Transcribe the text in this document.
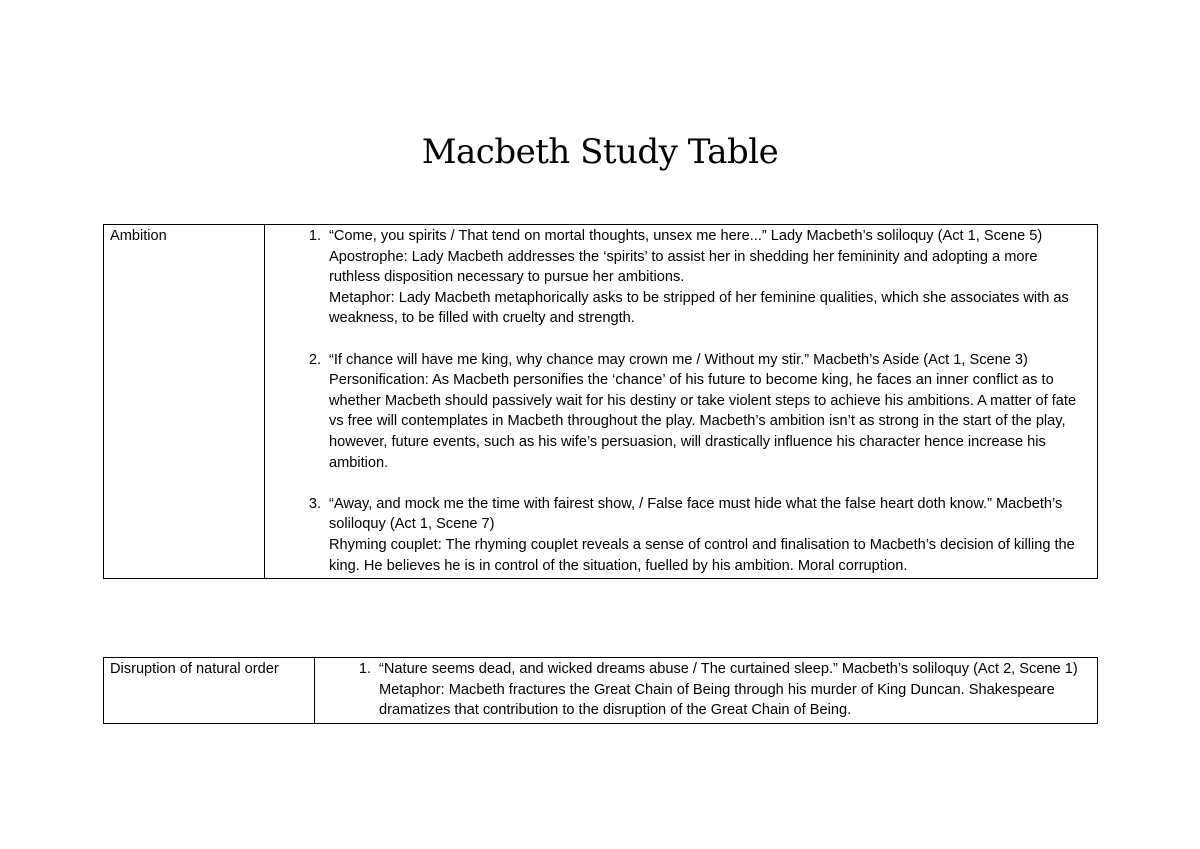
Macbeth Study Table
Ambition	1. “Come, you spirits / That tend on mortal thoughts, unsex me here...” Lady Macbeth’s soliloquy (Act 1, Scene 5)
Apostrophe: Lady Macbeth addresses the ‘spirits’ to assist her in shedding her femininity and adopting a more ruthless disposition necessary to pursue her ambitions.
Metaphor: Lady Macbeth metaphorically asks to be stripped of her feminine qualities, which she associates with as weakness, to be filled with cruelty and strength.
2. “If chance will have me king, why chance may crown me / Without my stir.” Macbeth’s Aside (Act 1, Scene 3)
Personification: As Macbeth personifies the ‘chance’ of his future to become king, he faces an inner conflict as to whether Macbeth should passively wait for his destiny or take violent steps to achieve his ambitions. A matter of fate vs free will contemplates in Macbeth throughout the play. Macbeth’s ambition isn’t as strong in the start of the play, however, future events, such as his wife’s persuasion, will drastically influence his character hence increase his ambition.
3. “Away, and mock me the time with fairest show, / False face must hide what the false heart doth know.” Macbeth’s soliloquy (Act 1, Scene 7)
Rhyming couplet: The rhyming couplet reveals a sense of control and finalisation to Macbeth’s decision of killing the king. He believes he is in control of the situation, fuelled by his ambition. Moral corruption.
Disruption of natural order	1. “Nature seems dead, and wicked dreams abuse / The curtained sleep.” Macbeth’s soliloquy (Act 2, Scene 1)
Metaphor: Macbeth fractures the Great Chain of Being through his murder of King Duncan. Shakespeare dramatizes that contribution to the disruption of the Great Chain of Being.
